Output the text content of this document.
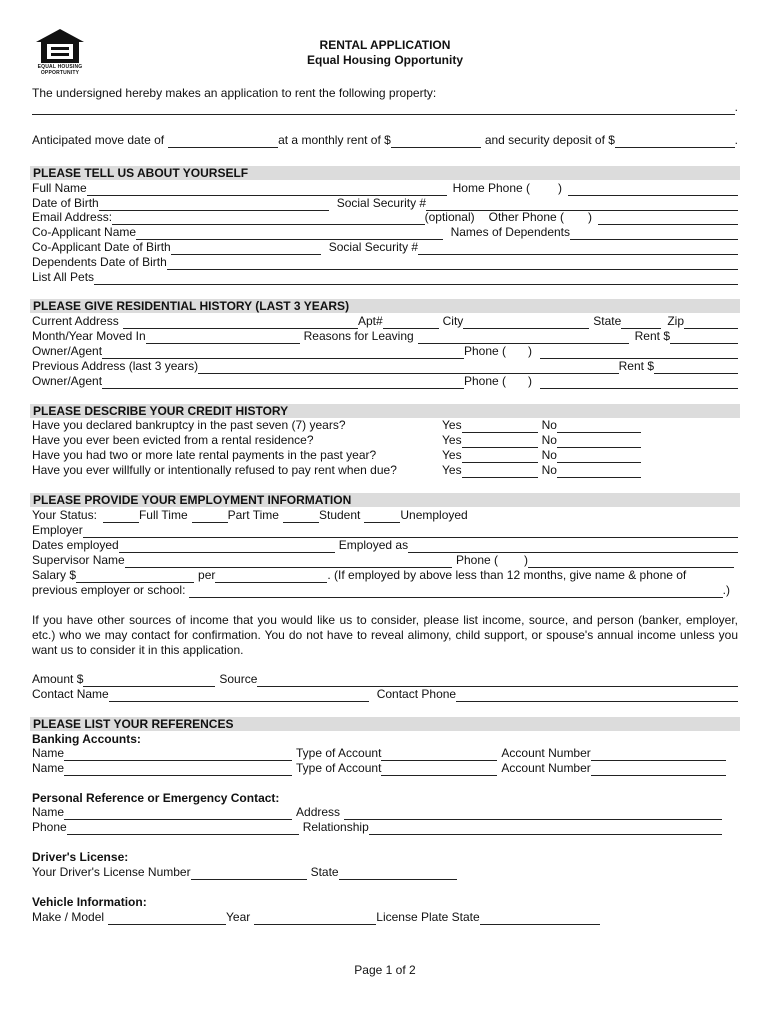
EQUAL HOUSING
OPPORTUNITY
RENTAL APPLICATION
Equal Housing Opportunity
The undersigned hereby makes an application to rent the following property:
.
Anticipated move date of	at a monthly rent of $	and security deposit of $	.
PLEASE TELL US ABOUT YOURSELF
Full Name	Home Phone ( )
Date of Birth	Social Security #
Email Address:	(optional) Other Phone ( )
Co-Applicant Name	Names of Dependents
Co-Applicant Date of Birth	Social Security #
Dependents Date of Birth
List All Pets
PLEASE GIVE RESIDENTIAL HISTORY (LAST 3 YEARS)
Current Address	Apt#	City	State	Zip
Month/Year Moved In	Reasons for Leaving	Rent $
Owner/Agent	Phone ( )
Previous Address (last 3 years)	Rent $
Owner/Agent	Phone ( )
PLEASE DESCRIBE YOUR CREDIT HISTORY
Have you declared bankruptcy in the past seven (7) years?	Yes	No
Have you ever been evicted from a rental residence?	Yes	No
Have you had two or more late rental payments in the past year?	Yes	No
Have you ever willfully or intentionally refused to pay rent when due?	Yes	No
PLEASE PROVIDE YOUR EMPLOYMENT INFORMATION
Your Status:	Full Time	Part Time	Student	Unemployed
Employer
Dates employed	Employed as
Supervisor Name	Phone ( )
Salary $	per	. (If employed by above less than 12 months, give name & phone of
previous employer or school:	.)
If you have other sources of income that you would like us to consider, please list income, source, and person (banker, employer, etc.) who we may contact for confirmation. You do not have to reveal alimony, child support, or spouse's annual income unless you want us to consider it in this application.
Amount $	Source
Contact Name	Contact Phone
PLEASE LIST YOUR REFERENCES
Banking Accounts:
Name	Type of Account	Account Number
Name	Type of Account	Account Number
Personal Reference or Emergency Contact:
Name	Address
Phone	Relationship
Driver's License:
Your Driver's License Number	State
Vehicle Information:
Make / Model	Year	License Plate State
Page 1 of 2
